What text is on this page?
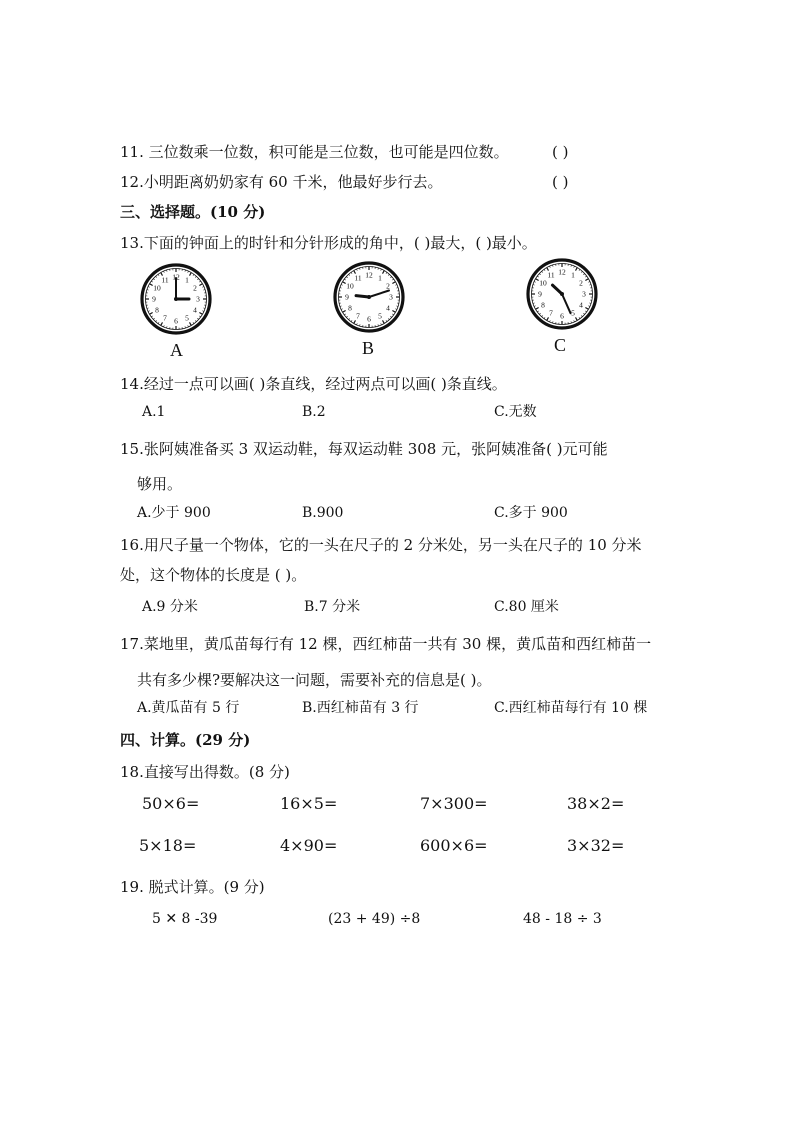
11. 三位数乘一位数，积可能是三位数，也可能是四位数。	( )
12.小明距离奶奶家有 60 千米，他最好步行去。	( )
三、选择题。(10 分)
13.下面的钟面上的时针和分针形成的角中，( )最大，( )最小。
1
2
3
4
5
6
7
8
9
10
11 12
A
1
2
3
4
5
6
7
8
9
10
11 12
B
1
2
3
4
5
6
7
8
9
10
11 12
C
14.经过一点可以画( )条直线，经过两点可以画( )条直线。
A.1	B.2	C.无数
15.张阿姨准备买 3 双运动鞋，每双运动鞋 308 元，张阿姨准备( )元可能
够用。
A.少于 900	B.900	C.多于 900
16.用尺子量一个物体，它的一头在尺子的 2 分米处，另一头在尺子的 10 分米
处，这个物体的长度是 ( )。
A.9 分米	B.7 分米	C.80 厘米
17.菜地里，黄瓜苗每行有 12 棵，西红柿苗一共有 30 棵，黄瓜苗和西红柿苗一
共有多少棵?要解决这一问题，需要补充的信息是( )。
A.黄瓜苗有 5 行	B.西红柿苗有 3 行	C.西红柿苗每行有 10 棵
四、计算。(29 分)
18.直接写出得数。(8 分)
50×6=	16×5=	7×300=	38×2=
5×18=	4×90=	600×6=	3×32=
19. 脱式计算。(9 分)
5 ✕ 8 -39	(23 + 49) ÷8	48 - 18 ÷ 3
